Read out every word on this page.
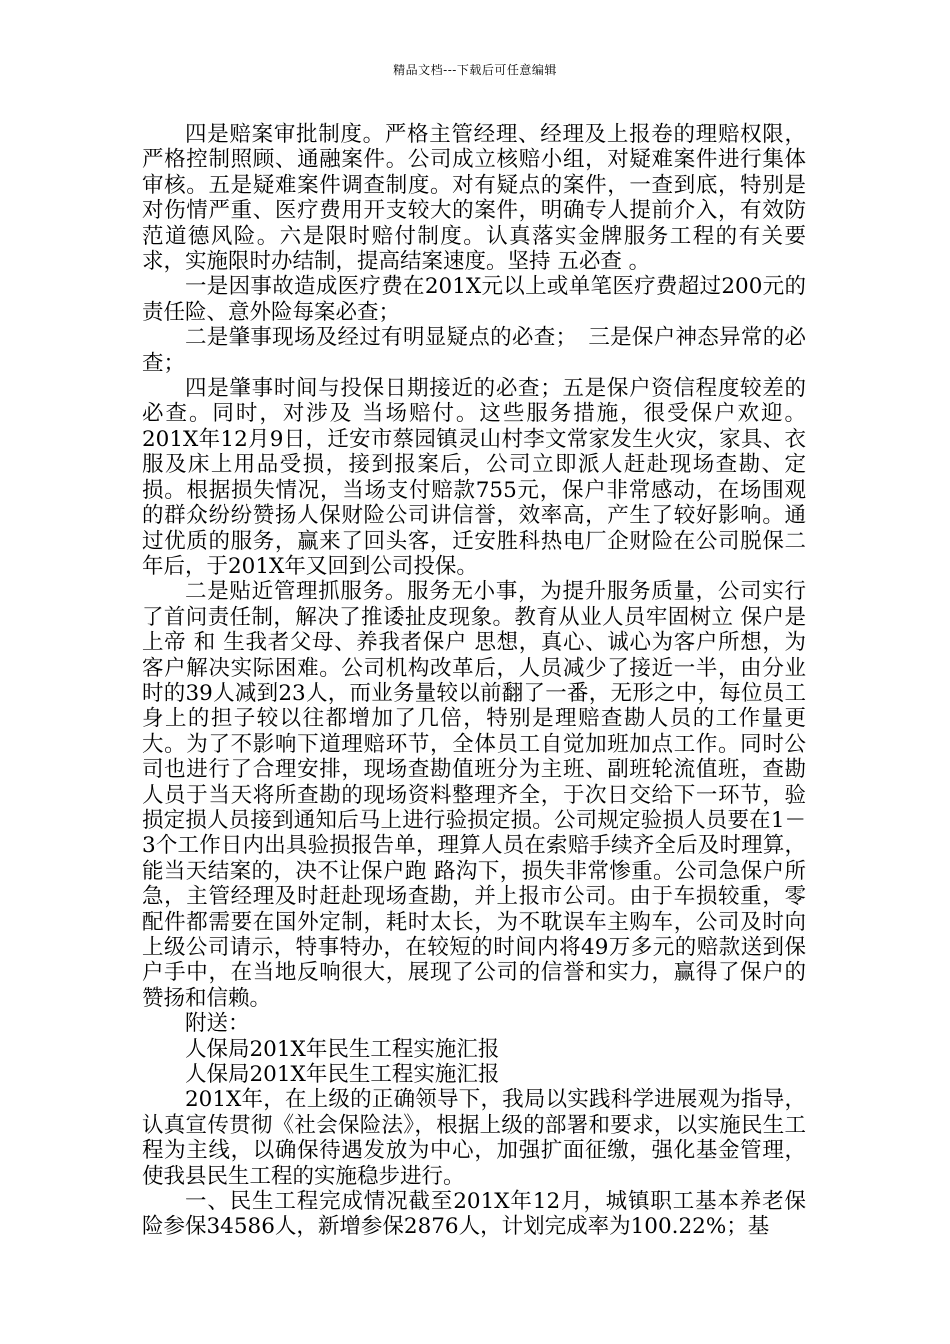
精品文档---下载后可任意编辑

四是赔案审批制度。严格主管经理、经理及上报卷的理赔权限，严格控制照顾、通融案件。公司成立核赔小组，对疑难案件进行集体审核。五是疑难案件调查制度。对有疑点的案件，一查到底，特别是对伤情严重、医疗费用开支较大的案件，明确专人提前介入，有效防范道德风险。六是限时赔付制度。认真落实金牌服务工程的有关要求，实施限时办结制，提高结案速度。坚持 五必查 。

一是因事故造成医疗费在201X元以上或单笔医疗费超过200元的责任险、意外险每案必查；

二是肇事现场及经过有明显疑点的必查；　三是保户神态异常的必查；

四是肇事时间与投保日期接近的必查；五是保户资信程度较差的必查。同时，对涉及 当场赔付。这些服务措施，很受保户欢迎。201X年12月9日，迁安市蔡园镇灵山村李文常家发生火灾，家具、衣服及床上用品受损，接到报案后，公司立即派人赶赴现场查勘、定损。根据损失情况，当场支付赔款755元，保户非常感动，在场围观的群众纷纷赞扬人保财险公司讲信誉，效率高，产生了较好影响。通过优质的服务，赢来了回头客，迁安胜科热电厂企财险在公司脱保二年后，于201X年又回到公司投保。

二是贴近管理抓服务。服务无小事，为提升服务质量，公司实行了首问责任制，解决了推诿扯皮现象。教育从业人员牢固树立 保户是上帝 和 生我者父母、养我者保户 思想，真心、诚心为客户所想，为客户解决实际困难。公司机构改革后，人员减少了接近一半，由分业时的39人减到23人，而业务量较以前翻了一番，无形之中，每位员工身上的担子较以往都增加了几倍，特别是理赔查勘人员的工作量更大。为了不影响下道理赔环节，全体员工自觉加班加点工作。同时公司也进行了合理安排，现场查勘值班分为主班、副班轮流值班，查勘人员于当天将所查勘的现场资料整理齐全，于次日交给下一环节，验损定损人员接到通知后马上进行验损定损。公司规定验损人员要在1－3个工作日内出具验损报告单，理算人员在索赔手续齐全后及时理算，能当天结案的，决不让保户跑 路沟下，损失非常惨重。公司急保户所急，主管经理及时赶赴现场查勘，并上报市公司。由于车损较重，零配件都需要在国外定制，耗时太长，为不耽误车主购车，公司及时向上级公司请示，特事特办，在较短的时间内将49万多元的赔款送到保户手中，在当地反响很大，展现了公司的信誉和实力，赢得了保户的赞扬和信赖。

附送：

人保局201X年民生工程实施汇报

人保局201X年民生工程实施汇报

201X年，在上级的正确领导下，我局以实践科学进展观为指导，认真宣传贯彻《社会保险法》，根据上级的部署和要求，以实施民生工程为主线，以确保待遇发放为中心，加强扩面征缴，强化基金管理，使我县民生工程的实施稳步进行。

一、民生工程完成情况截至201X年12月，城镇职工基本养老保险参保34586人，新增参保2876人，计划完成率为100.22%；基
